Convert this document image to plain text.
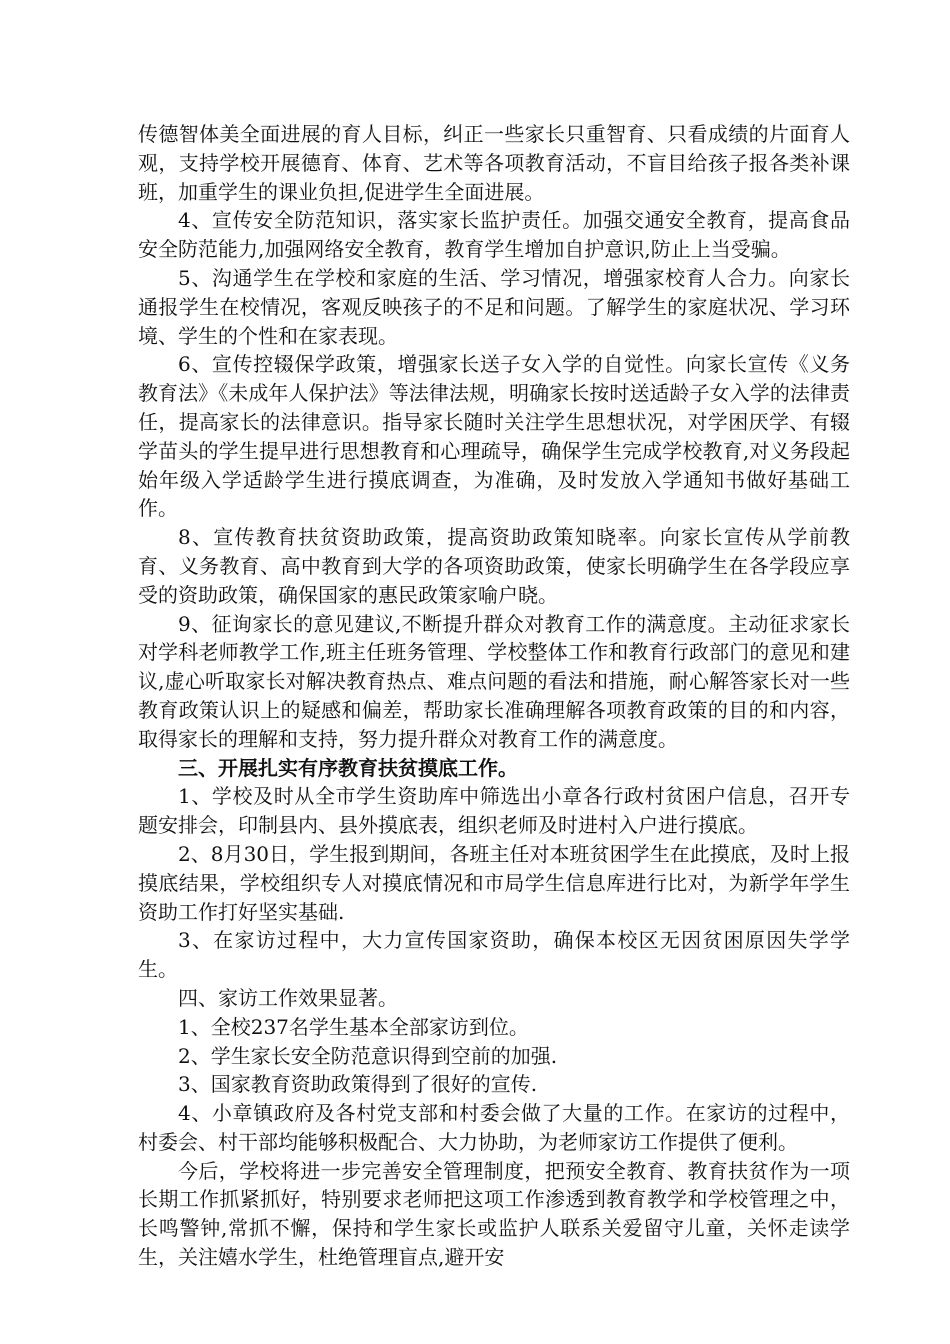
传德智体美全面进展的育人目标，纠正一些家长只重智育、只看成绩的片面育人观，支持学校开展德育、体育、艺术等各项教育活动，不盲目给孩子报各类补课班，加重学生的课业负担,促进学生全面进展。

4、宣传安全防范知识，落实家长监护责任。加强交通安全教育，提高食品安全防范能力,加强网络安全教育，教育学生增加自护意识,防止上当受骗。

5、沟通学生在学校和家庭的生活、学习情况，增强家校育人合力。向家长通报学生在校情况，客观反映孩子的不足和问题。了解学生的家庭状况、学习环境、学生的个性和在家表现。

6、宣传控辍保学政策，增强家长送子女入学的自觉性。向家长宣传《义务教育法》《未成年人保护法》等法律法规，明确家长按时送适龄子女入学的法律责任，提高家长的法律意识。指导家长随时关注学生思想状况，对学困厌学、有辍学苗头的学生提早进行思想教育和心理疏导，确保学生完成学校教育,对义务段起始年级入学适龄学生进行摸底调查，为准确，及时发放入学通知书做好基础工作。

8、宣传教育扶贫资助政策，提高资助政策知晓率。向家长宣传从学前教育、义务教育、高中教育到大学的各项资助政策，使家长明确学生在各学段应享受的资助政策，确保国家的惠民政策家喻户晓。

9、征询家长的意见建议,不断提升群众对教育工作的满意度。主动征求家长对学科老师教学工作,班主任班务管理、学校整体工作和教育行政部门的意见和建议,虚心听取家长对解决教育热点、难点问题的看法和措施，耐心解答家长对一些教育政策认识上的疑感和偏差，帮助家长准确理解各项教育政策的目的和内容，取得家长的理解和支持，努力提升群众对教育工作的满意度。

三、开展扎实有序教育扶贫摸底工作。

1、学校及时从全市学生资助库中筛选出小章各行政村贫困户信息，召开专题安排会，印制县内、县外摸底表，组织老师及时进村入户进行摸底。

2、8月30日，学生报到期间，各班主任对本班贫困学生在此摸底，及时上报摸底结果，学校组织专人对摸底情况和市局学生信息库进行比对，为新学年学生资助工作打好坚实基础.

3、在家访过程中，大力宣传国家资助，确保本校区无因贫困原因失学学生。

四、家访工作效果显著。

1、全校237名学生基本全部家访到位。

2、学生家长安全防范意识得到空前的加强.

3、国家教育资助政策得到了很好的宣传.

4、小章镇政府及各村党支部和村委会做了大量的工作。在家访的过程中，村委会、村干部均能够积极配合、大力协助，为老师家访工作提供了便利。

今后，学校将进一步完善安全管理制度，把预安全教育、教育扶贫作为一项长期工作抓紧抓好，特别要求老师把这项工作渗透到教育教学和学校管理之中，长鸣警钟,常抓不懈，保持和学生家长或监护人联系关爱留守儿童，关怀走读学生，关注嬉水学生，杜绝管理盲点,避开安
